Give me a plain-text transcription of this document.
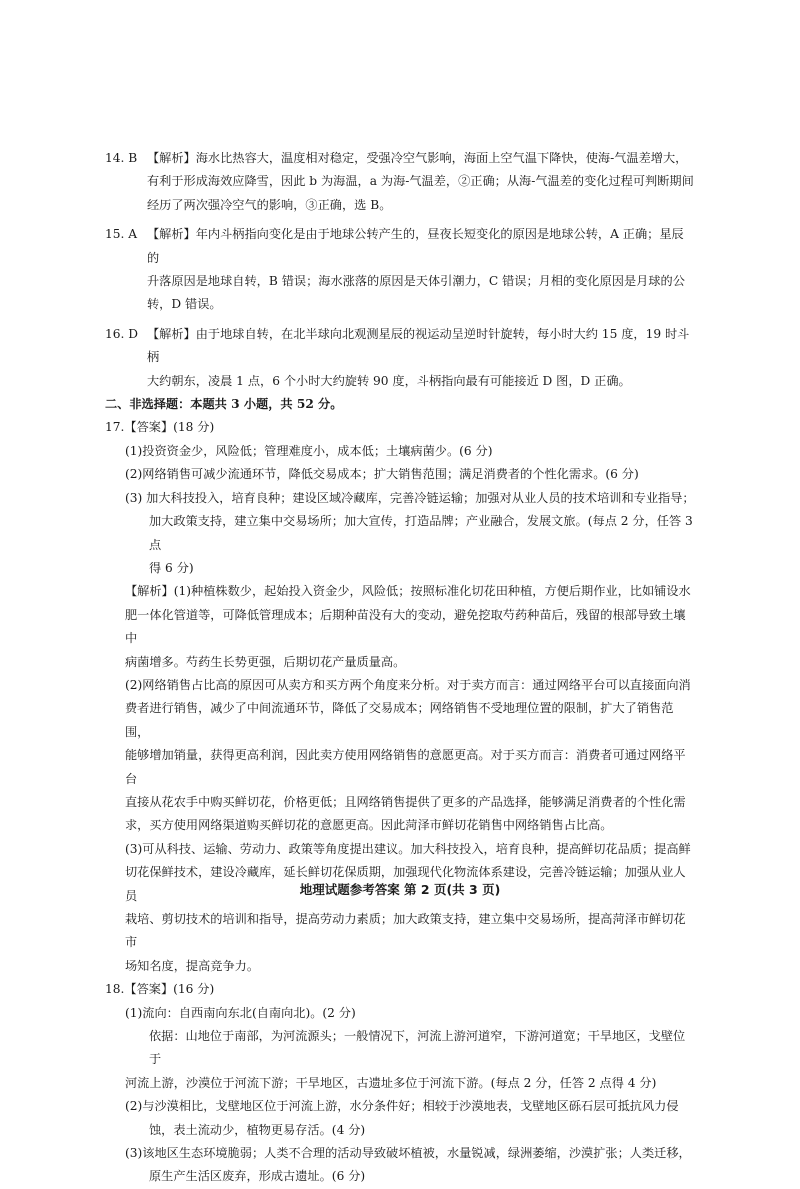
14. B 【解析】海水比热容大，温度相对稳定，受强冷空气影响，海面上空气温下降快，使海-气温差增大，

有利于形成海效应降雪，因此 b 为海温，a 为海-气温差，②正确；从海-气温差的变化过程可判断期间

经历了两次强冷空气的影响，③正确，选 B。

15. A 【解析】年内斗柄指向变化是由于地球公转产生的，昼夜长短变化的原因是地球公转，A 正确；星辰的

升落原因是地球自转，B 错误；海水涨落的原因是天体引潮力，C 错误；月相的变化原因是月球的公

转，D 错误。

16. D 【解析】由于地球自转，在北半球向北观测星辰的视运动呈逆时针旋转，每小时大约 15 度，19 时斗柄

大约朝东，凌晨 1 点，6 个小时大约旋转 90 度，斗柄指向最有可能接近 D 图，D 正确。

二、非选择题：本题共 3 小题，共 52 分。

17.【答案】(18 分)

(1)投资资金少，风险低；管理难度小，成本低；土壤病菌少。(6 分)

(2)网络销售可减少流通环节，降低交易成本；扩大销售范围；满足消费者的个性化需求。(6 分)

(3) 加大科技投入，培育良种；建设区域冷藏库，完善冷链运输；加强对从业人员的技术培训和专业指导；

加大政策支持，建立集中交易场所；加大宣传，打造品牌；产业融合，发展文旅。(每点 2 分，任答 3 点

得 6 分)

【解析】(1)种植株数少，起始投入资金少，风险低；按照标准化切花田种植，方便后期作业，比如铺设水

肥一体化管道等，可降低管理成本；后期种苗没有大的变动，避免挖取芍药种苗后，残留的根部导致土壤中

病菌增多。芍药生长势更强，后期切花产量质量高。

(2)网络销售占比高的原因可从卖方和买方两个角度来分析。对于卖方而言：通过网络平台可以直接面向消

费者进行销售，减少了中间流通环节，降低了交易成本；网络销售不受地理位置的限制，扩大了销售范围，

能够增加销量，获得更高利润，因此卖方使用网络销售的意愿更高。对于买方而言：消费者可通过网络平台

直接从花农手中购买鲜切花，价格更低；且网络销售提供了更多的产品选择，能够满足消费者的个性化需

求，买方使用网络渠道购买鲜切花的意愿更高。因此菏泽市鲜切花销售中网络销售占比高。

(3)可从科技、运输、劳动力、政策等角度提出建议。加大科技投入，培育良种，提高鲜切花品质；提高鲜

切花保鲜技术，建设冷藏库，延长鲜切花保质期，加强现代化物流体系建设，完善冷链运输；加强从业人员

栽培、剪切技术的培训和指导，提高劳动力素质；加大政策支持，建立集中交易场所，提高菏泽市鲜切花市

场知名度，提高竞争力。

18.【答案】(16 分)

(1)流向：自西南向东北(自南向北)。(2 分)

依据：山地位于南部，为河流源头；一般情况下，河流上游河道窄，下游河道宽；干旱地区，戈壁位于

河流上游，沙漠位于河流下游；干旱地区，古遗址多位于河流下游。(每点 2 分，任答 2 点得 4 分)

(2)与沙漠相比，戈壁地区位于河流上游，水分条件好；相较于沙漠地表，戈壁地区砾石层可抵抗风力侵

蚀，表土流动少，植物更易存活。(4 分)

(3)该地区生态环境脆弱；人类不合理的活动导致破坏植被，水量锐减，绿洲萎缩，沙漠扩张；人类迁移，

原生产生活区废弃，形成古遗址。(6 分)

地理试题参考答案 第 2 页(共 3 页)
